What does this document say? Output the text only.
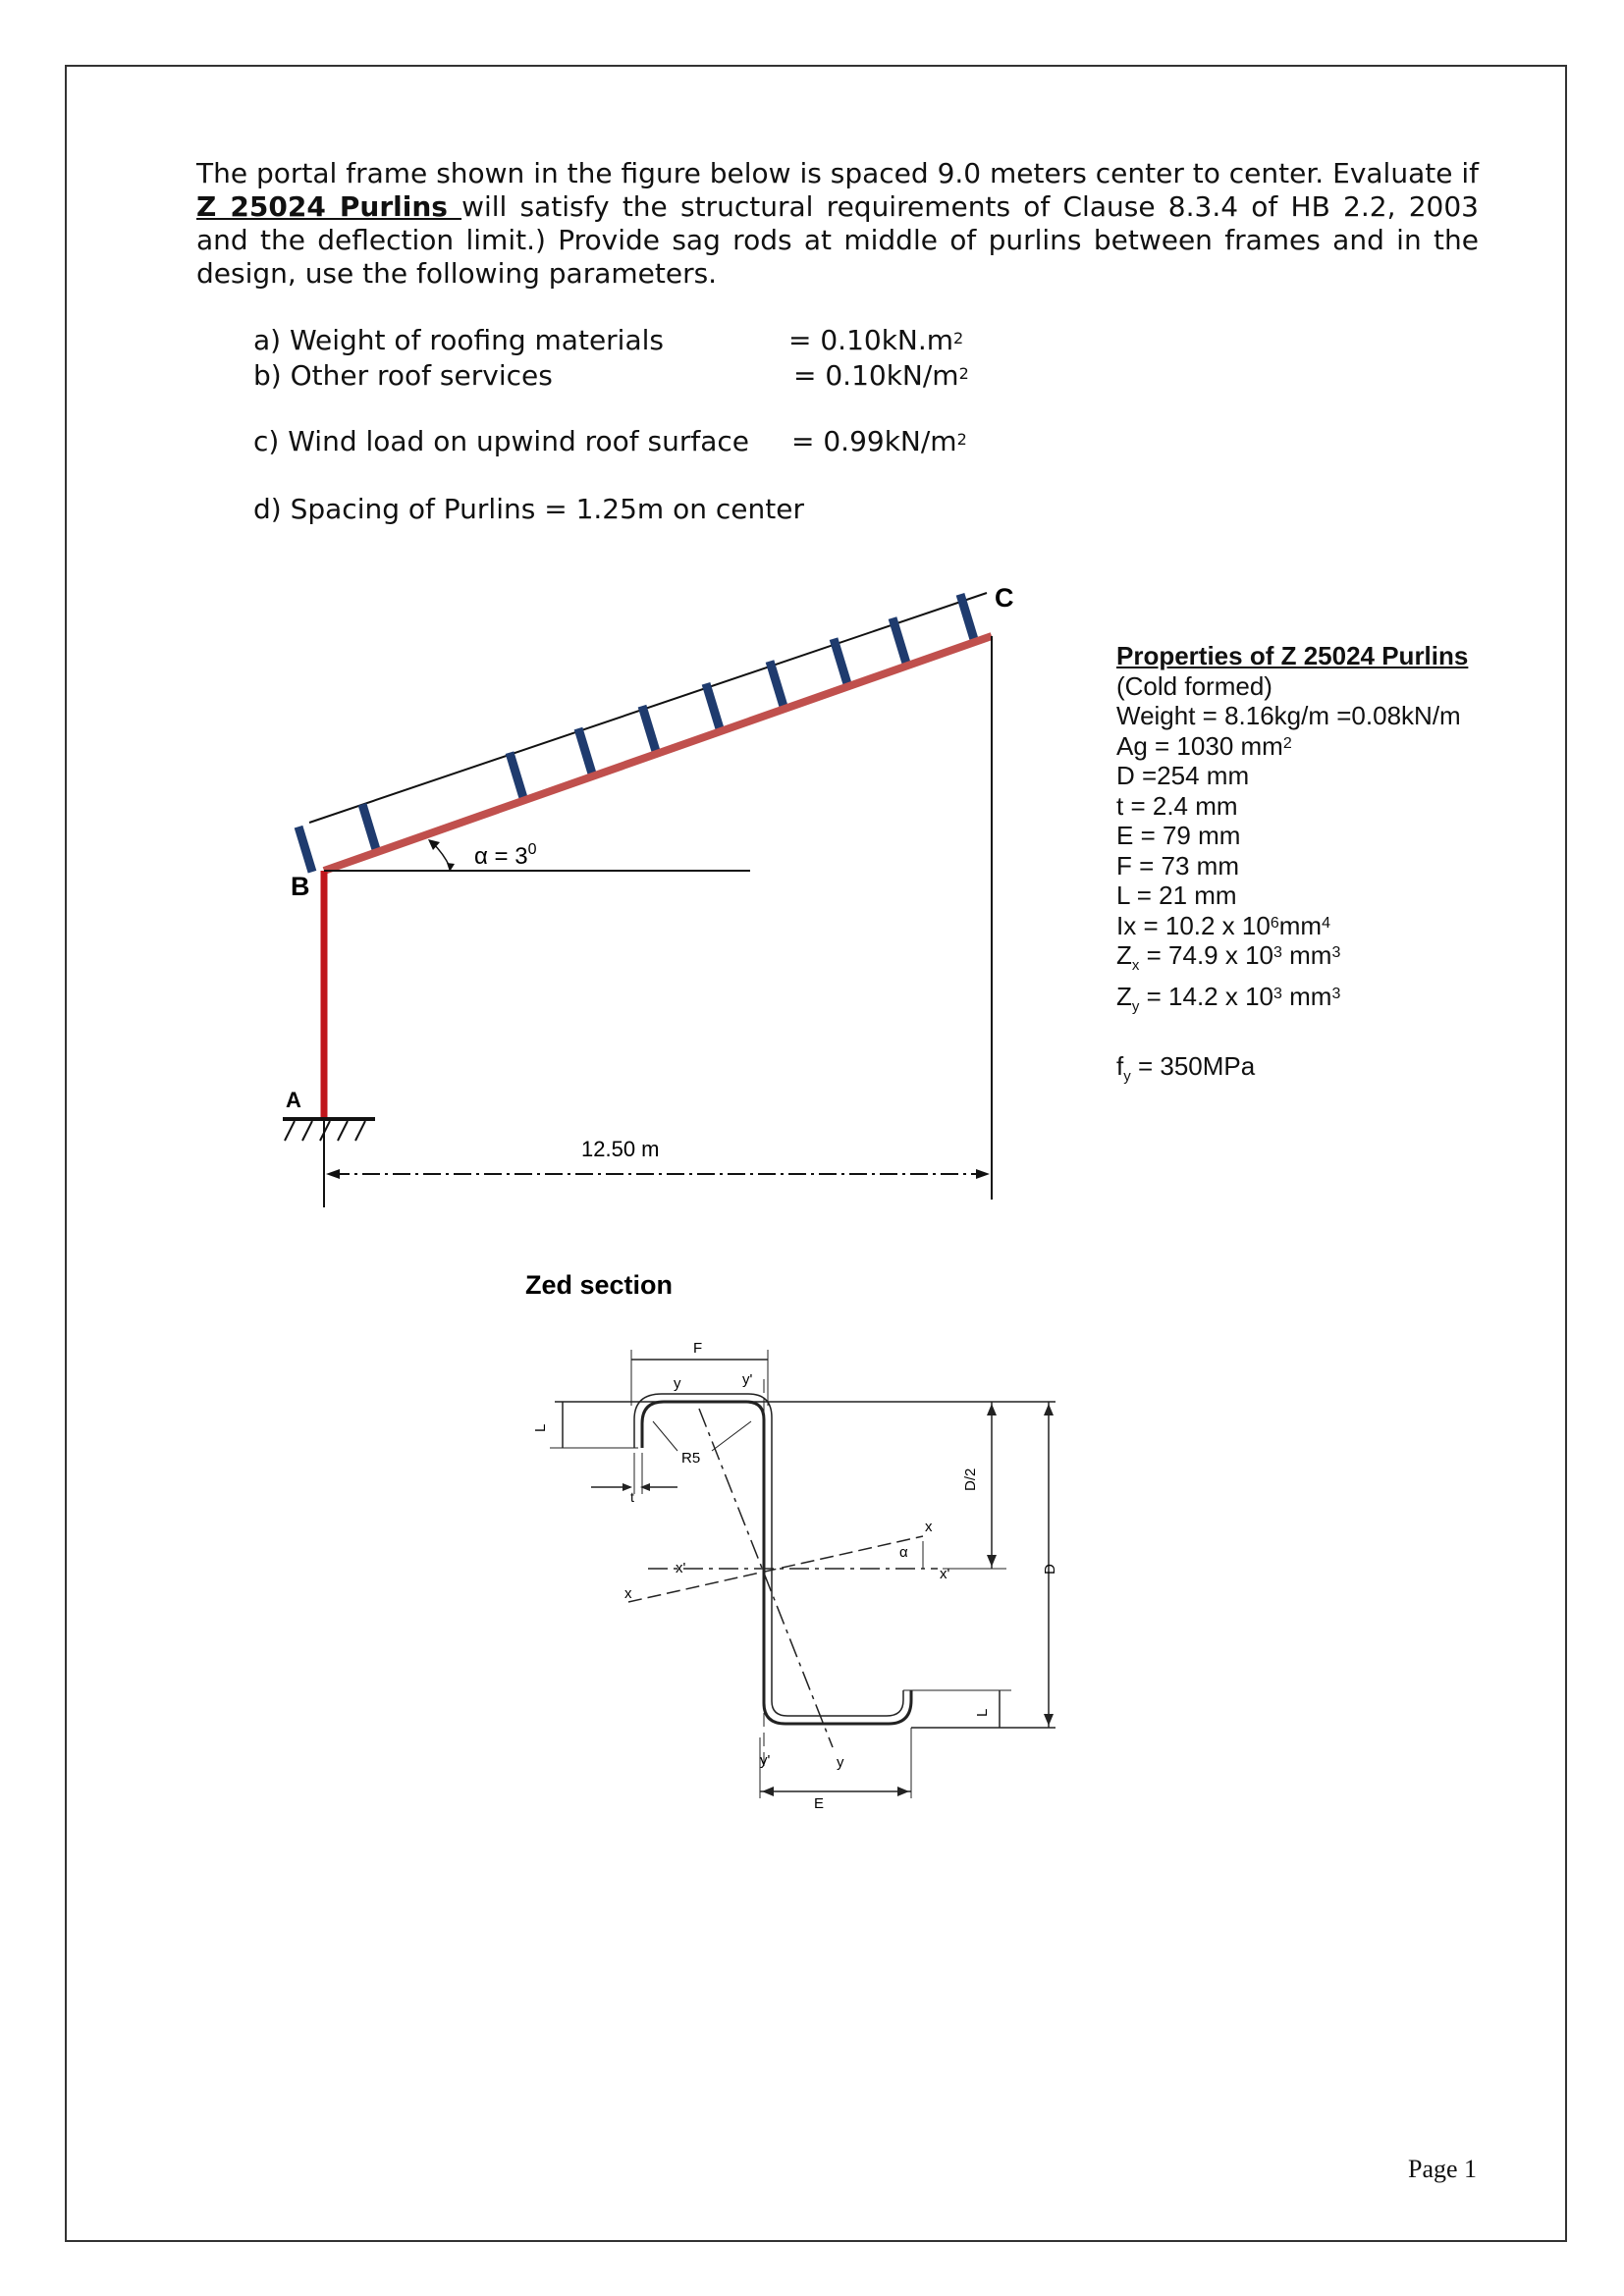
The portal frame shown in the figure below is spaced 9.0 meters center to center. Evaluate if Z 25024 Purlins will satisfy the structural requirements of Clause 8.3.4 of HB 2.2, 2003 and the deflection limit.) Provide sag rods at middle of purlins between frames and in the design, use the following parameters.

a) Weight of roofing materials	= $0.10kN.m^2$
b) Other roof services	= $0.10kN/m^2$
c) Wind load on upwind roof surface = $0.99kN/m^2$
d) Spacing of Purlins = 1.25m on center
$\alpha = 3^0$
B
A
C
12.50 m
Properties of Z 25024 Purlins
(Cold formed)
Weight = 8.16kg/m =0.08kN/m
Ag = 1030 $mm^2$
D =254 mm
t = 2.4 mm
E = 79 mm
F = 73 mm
L = 21 mm
Ix = 10.2 x $10^6mm^4$
$Z_x = 74.9$ x $10^3$ $mm^3$
$Z_y = 14.2$ x $10^3$ $mm^3$
$f_y = 350MPa$
Zed section
F
y	y'
L
t
R5
x
x'
x
x'
α
y
y'
D/2
D
L
E
Page 1
